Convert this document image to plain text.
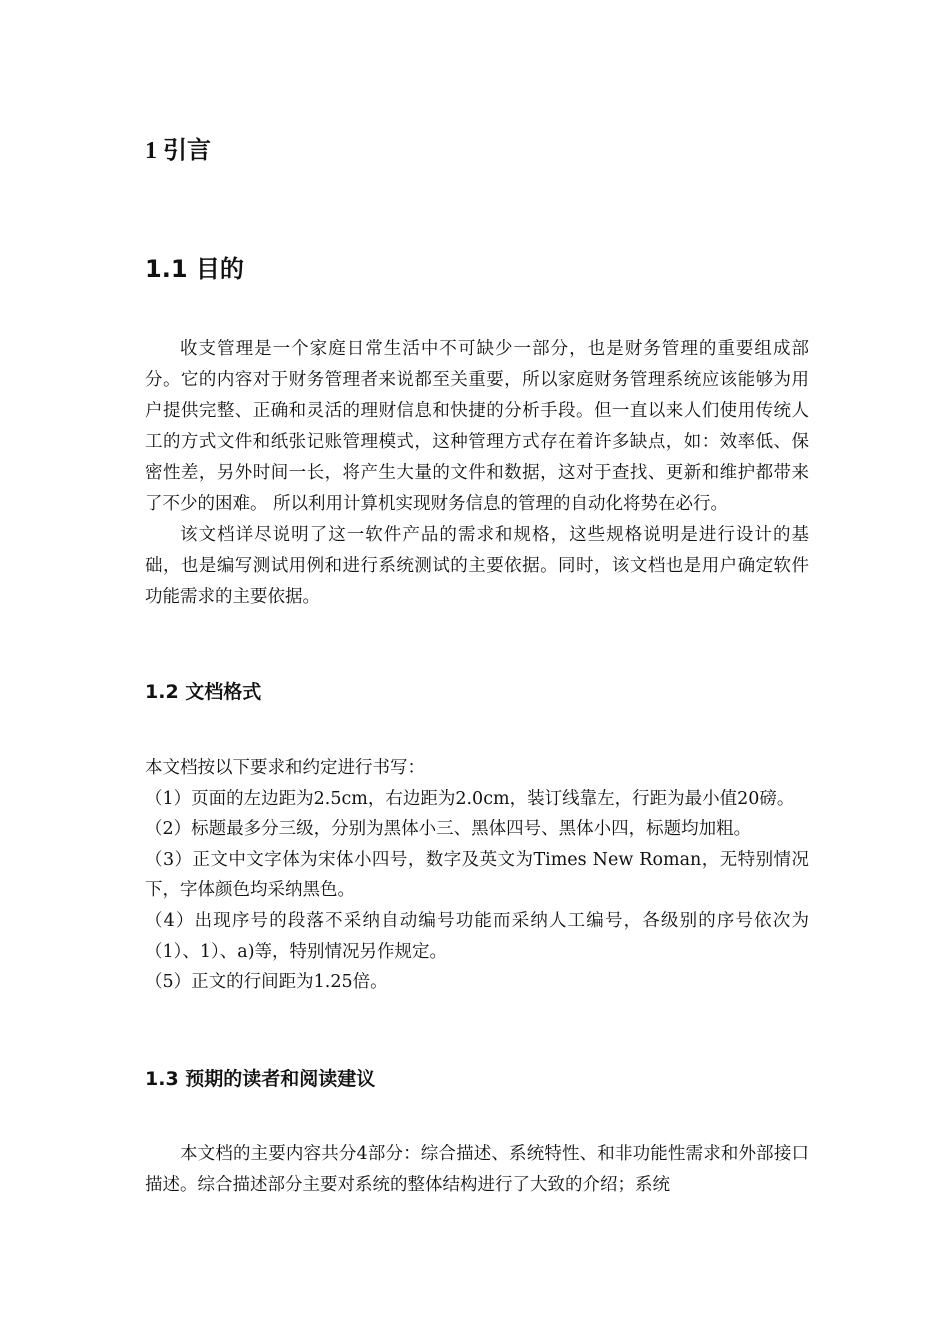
1 引言
1.1 目的

收支管理是一个家庭日常生活中不可缺少一部分，也是财务管理的重要组成部分。它的内容对于财务管理者来说都至关重要，所以家庭财务管理系统应该能够为用户提供完整、正确和灵活的理财信息和快捷的分析手段。但一直以来人们使用传统人工的方式文件和纸张记账管理模式，这种管理方式存在着许多缺点，如：效率低、保密性差，另外时间一长，将产生大量的文件和数据，这对于查找、更新和维护都带来了不少的困难。 所以利用计算机实现财务信息的管理的自动化将势在必行。

该文档详尽说明了这一软件产品的需求和规格，这些规格说明是进行设计的基础，也是编写测试用例和进行系统测试的主要依据。同时，该文档也是用户确定软件功能需求的主要依据。

1.2 文档格式

本文档按以下要求和约定进行书写：

（1）页面的左边距为2.5cm，右边距为2.0cm，装订线靠左，行距为最小值20磅。

（2）标题最多分三级，分别为黑体小三、黑体四号、黑体小四，标题均加粗。

（3）正文中文字体为宋体小四号，数字及英文为Times New Roman，无特别情况下，字体颜色均采纳黑色。

（4）出现序号的段落不采纳自动编号功能而采纳人工编号，各级别的序号依次为（1）、1）、a)等，特别情况另作规定。

（5）正文的行间距为1.25倍。

1.3 预期的读者和阅读建议

本文档的主要内容共分4部分：综合描述、系统特性、和非功能性需求和外部接口描述。综合描述部分主要对系统的整体结构进行了大致的介绍；系统
